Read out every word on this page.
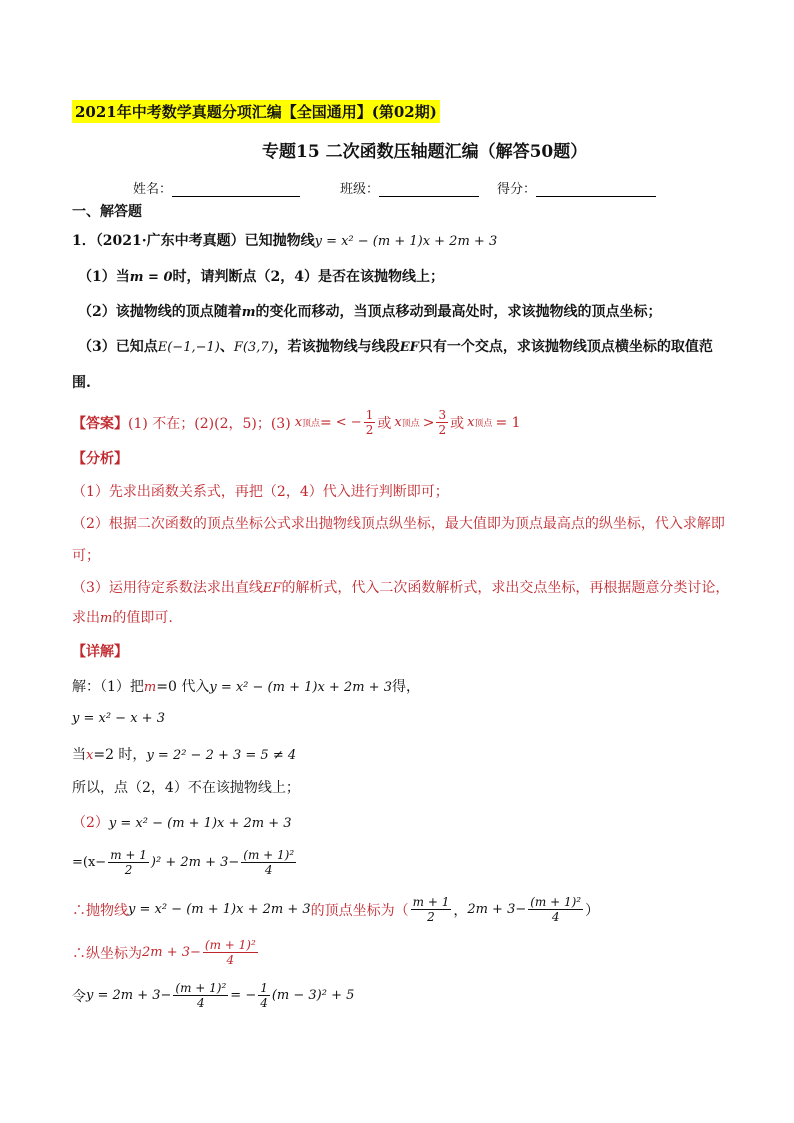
2021年中考数学真题分项汇编【全国通用】(第02期)
专题15 二次函数压轴题汇编（解答50题）
姓名：	班级：	得分：
一、解答题
1．（2021·广东中考真题）已知抛物线y = x² − (m + 1)x + 2m + 3
（1）当m = 0时，请判断点（2，4）是否在该抛物线上；
（2）该抛物线的顶点随着m的变化而移动，当顶点移动到最高处时，求该抛物线的顶点坐标；
（3）已知点E(−1,−1)、F(3,7)，若该抛物线与线段EF只有一个交点，求该抛物线顶点横坐标的取值范
围.
【答案】 (1) 不在；(2)(2，5)；(3) x 顶点 = < − $\frac{1}{2}$ 或 x 顶点 > $\frac{3}{2}$ 或 x 顶点 = 1
【分析】
（1）先求出函数关系式，再把（2，4）代入进行判断即可；
（2）根据二次函数的顶点坐标公式求出抛物线顶点纵坐标，最大值即为顶点最高点的纵坐标，代入求解即
可；
（3）运用待定系数法求出直线EF的解析式，代入二次函数解析式，求出交点坐标，再根据题意分类讨论，
求出m的值即可.
【详解】
解：（1）把m=0 代入y = x² − (m + 1)x + 2m + 3得，
y = x² − x + 3
当x=2 时，y = 2² − 2 + 3 = 5 ≠ 4
所以，点（2，4）不在该抛物线上；
（2）y = x² − (m + 1)x + 2m + 3
$=(x- \frac{m + 1}{2} )^2 + 2m + 3- \frac{\text{(m + 1)²}}{4}$
∴抛物线 y = x² − (m + 1)x + 2m + 3 的顶点坐标为（ $\frac{m + 1}{2}$ ， $2m + 3- \frac{\text{(m + 1)²}}{4}$ ）
∴纵坐标为 $2m + 3- \frac{\text{(m + 1)²}}{4}$
令 $y = 2m + 3- \frac{\text{(m + 1)²}}{4}$ = − $\frac{1}{4} (m - 3)^2 + 5$
